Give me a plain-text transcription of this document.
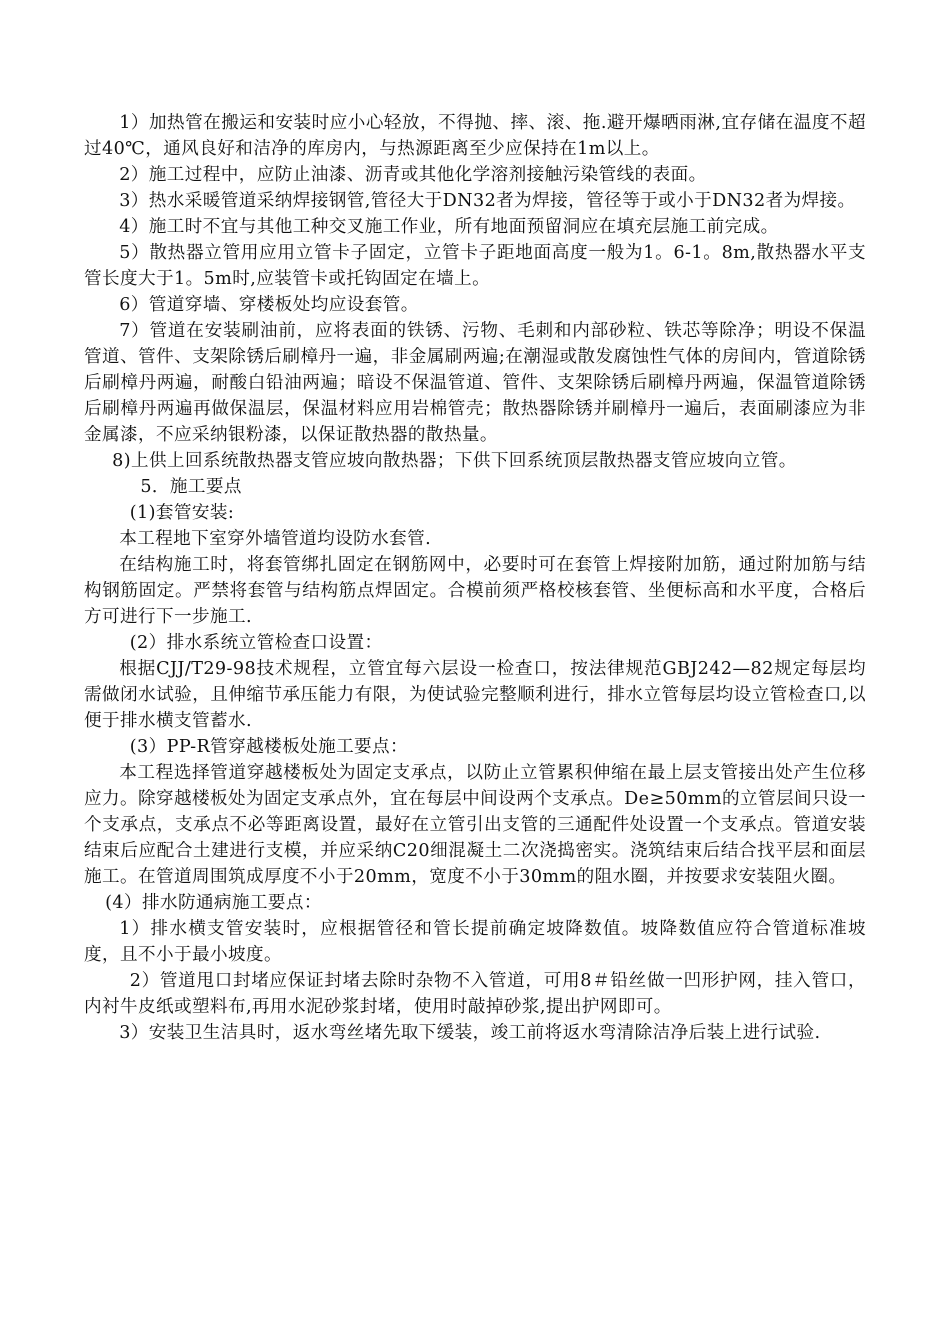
1）加热管在搬运和安装时应小心轻放，不得抛、摔、滚、拖.避开爆晒雨淋,宜存储在温度不超过40℃，通风良好和洁净的库房内，与热源距离至少应保持在1m以上。

2）施工过程中，应防止油漆、沥青或其他化学溶剂接触污染管线的表面。

3）热水采暖管道采纳焊接钢管,管径大于DN32者为焊接，管径等于或小于DN32者为焊接。

4）施工时不宜与其他工种交叉施工作业，所有地面预留洞应在填充层施工前完成。

5）散热器立管用应用立管卡子固定，立管卡子距地面高度一般为1。6-1。8m,散热器水平支管长度大于1。5m时,应装管卡或托钩固定在墙上。

6）管道穿墙、穿楼板处均应设套管。

7）管道在安装刷油前，应将表面的铁锈、污物、毛刺和内部砂粒、铁芯等除净；明设不保温管道、管件、支架除锈后刷樟丹一遍，非金属刷两遍;在潮湿或散发腐蚀性气体的房间内，管道除锈后刷樟丹两遍，耐酸白铅油两遍；暗设不保温管道、管件、支架除锈后刷樟丹两遍，保温管道除锈后刷樟丹两遍再做保温层，保温材料应用岩棉管壳；散热器除锈并刷樟丹一遍后，表面刷漆应为非金属漆，不应采纳银粉漆，以保证散热器的散热量。

8)上供上回系统散热器支管应坡向散热器；下供下回系统顶层散热器支管应坡向立管。

5．施工要点

(1)套管安装:

本工程地下室穿外墙管道均设防水套管.

在结构施工时，将套管绑扎固定在钢筋网中，必要时可在套管上焊接附加筋，通过附加筋与结构钢筋固定。严禁将套管与结构筋点焊固定。合模前须严格校核套管、坐便标高和水平度，合格后方可进行下一步施工.

(2）排水系统立管检查口设置：

根据CJJ/T29-98技术规程，立管宜每六层设一检查口，按法律规范GBJ242—82规定每层均需做闭水试验，且伸缩节承压能力有限，为使试验完整顺利进行，排水立管每层均设立管检查口,以便于排水横支管蓄水.

(3）PP-R管穿越楼板处施工要点：

本工程选择管道穿越楼板处为固定支承点，以防止立管累积伸缩在最上层支管接出处产生位移应力。除穿越楼板处为固定支承点外，宜在每层中间设两个支承点。De≥50mm的立管层间只设一个支承点，支承点不必等距离设置，最好在立管引出支管的三通配件处设置一个支承点。管道安装结束后应配合土建进行支模，并应采纳C20细混凝土二次浇捣密实。浇筑结束后结合找平层和面层施工。在管道周围筑成厚度不小于20mm，宽度不小于30mm的阻水圈，并按要求安装阻火圈。

(4）排水防通病施工要点：

1）排水横支管安装时，应根据管径和管长提前确定坡降数值。坡降数值应符合管道标准坡度，且不小于最小坡度。

2）管道甩口封堵应保证封堵去除时杂物不入管道，可用8＃铅丝做一凹形护网，挂入管口，内衬牛皮纸或塑料布,再用水泥砂浆封堵，使用时敲掉砂浆,提出护网即可。

3）安装卫生洁具时，返水弯丝堵先取下缓装，竣工前将返水弯清除洁净后装上进行试验.
